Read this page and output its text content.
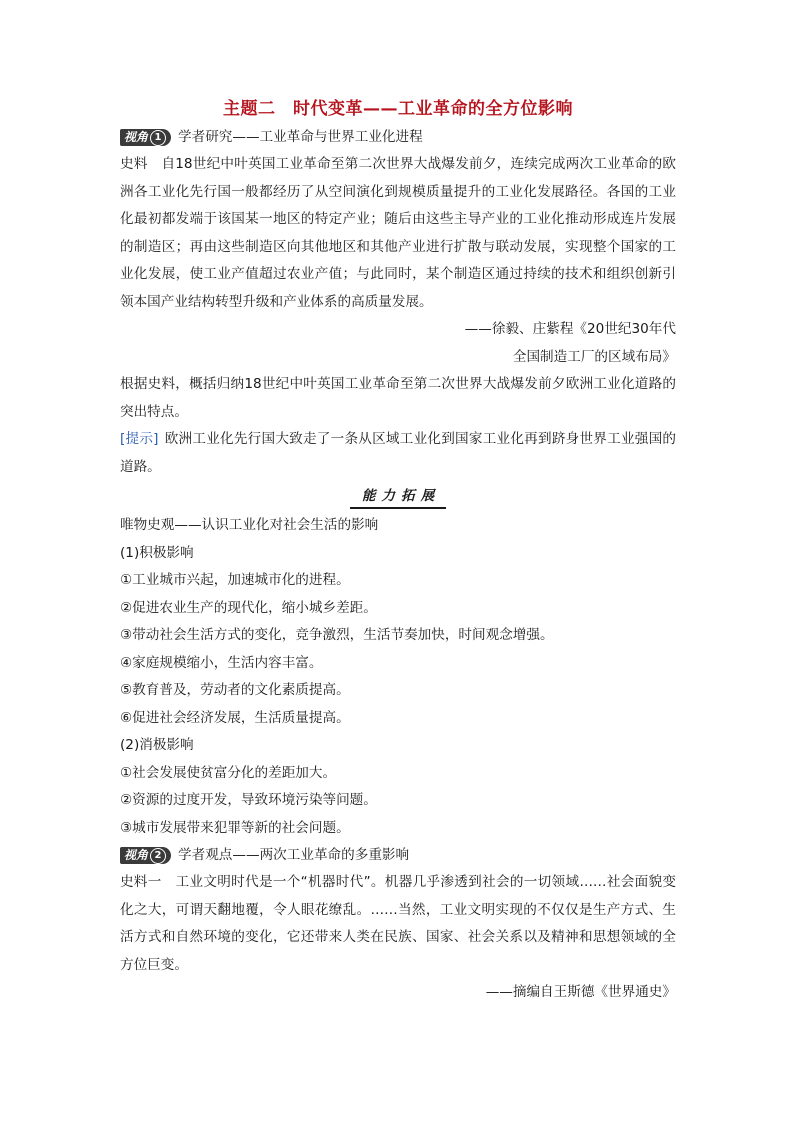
主题二　时代变革——工业革命的全方位影响
视角 1	学者研究——工业革命与世界工业化进程

史料　 自18世纪中叶英国工业革命至第二次世界大战爆发前夕，连续完成两次工业革命的欧洲各工业化先行国一般都经历了从空间演化到规模质量提升的工业化发展路径。各国的工业化最初都发端于该国某一地区的特定产业；随后由这些主导产业的工业化推动形成连片发展的制造区；再由这些制造区向其他地区和其他产业进行扩散与联动发展，实现整个国家的工业化发展，使工业产值超过农业产值；与此同时，某个制造区通过持续的技术和组织创新引领本国产业结构转型升级和产业体系的高质量发展。

——徐毅、庄紫程《20世纪30年代

全国制造工厂的区域布局》

根据史料，概括归纳18世纪中叶英国工业革命至第二次世界大战爆发前夕欧洲工业化道路的突出特点。

[提示] 欧洲工业化先行国大致走了一条从区域工业化到国家工业化再到跻身世界工业强国的道路。

能力拓展

唯物史观——认识工业化对社会生活的影响

(1)积极影响

①工业城市兴起，加速城市化的进程。

②促进农业生产的现代化，缩小城乡差距。

③带动社会生活方式的变化，竞争激烈，生活节奏加快，时间观念增强。

④家庭规模缩小，生活内容丰富。

⑤教育普及，劳动者的文化素质提高。

⑥促进社会经济发展，生活质量提高。

(2)消极影响

①社会发展使贫富分化的差距加大。

②资源的过度开发，导致环境污染等问题。

③城市发展带来犯罪等新的社会问题。

视角 2	学者观点——两次工业革命的多重影响

史料一　 工业文明时代是一个“机器时代”。机器几乎渗透到社会的一切领域……社会面貌变化之大，可谓天翻地覆，令人眼花缭乱。……当然，工业文明实现的不仅仅是生产方式、生活方式和自然环境的变化，它还带来人类在民族、国家、社会关系以及精神和思想领域的全方位巨变。

——摘编自王斯德《世界通史》
